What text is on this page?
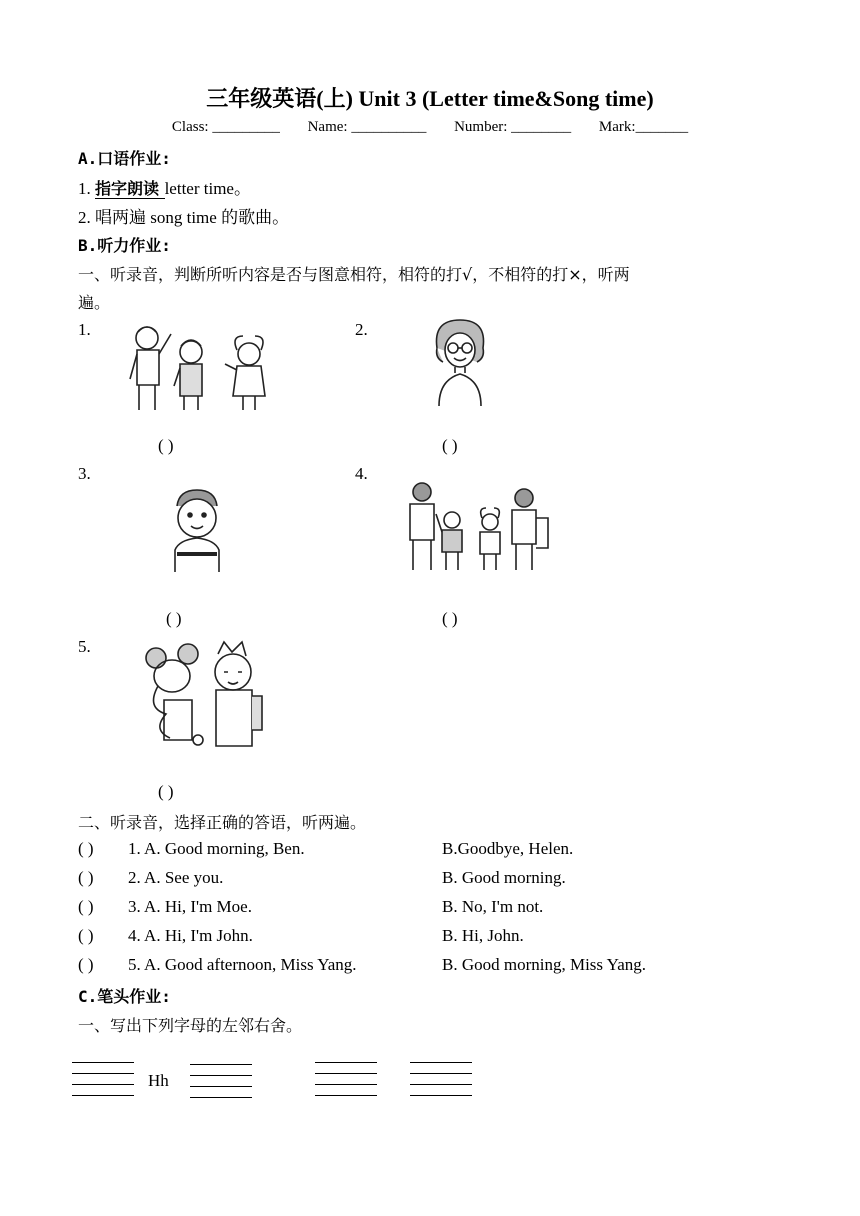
三年级英语(上) Unit 3 (Letter time&Song time)
Class: _________ Name: __________ Number: ________ Mark:_______
A.口语作业:
1. 指字朗读 letter time。
2. 唱两遍 song time 的歌曲。
B.听力作业:
一、听录音，判断所听内容是否与图意相符，相符的打√，不相符的打×，听两
遍。
1.	2.
3.	4.
5.
( )	( )
( )	( )
( )
二、听录音，选择正确的答语，听两遍。
( ) 1. A. Good morning, Ben.	B.Goodbye, Helen.
( ) 2. A. See you.	B. Good morning.
( ) 3. A. Hi, I'm Moe.	B. No, I'm not.
( ) 4. A. Hi, I'm John.	B. Hi, John.
( ) 5. A. Good afternoon, Miss Yang.	B. Good morning, Miss Yang.
C.笔头作业:
一、写出下列字母的左邻右舍。
Hh
